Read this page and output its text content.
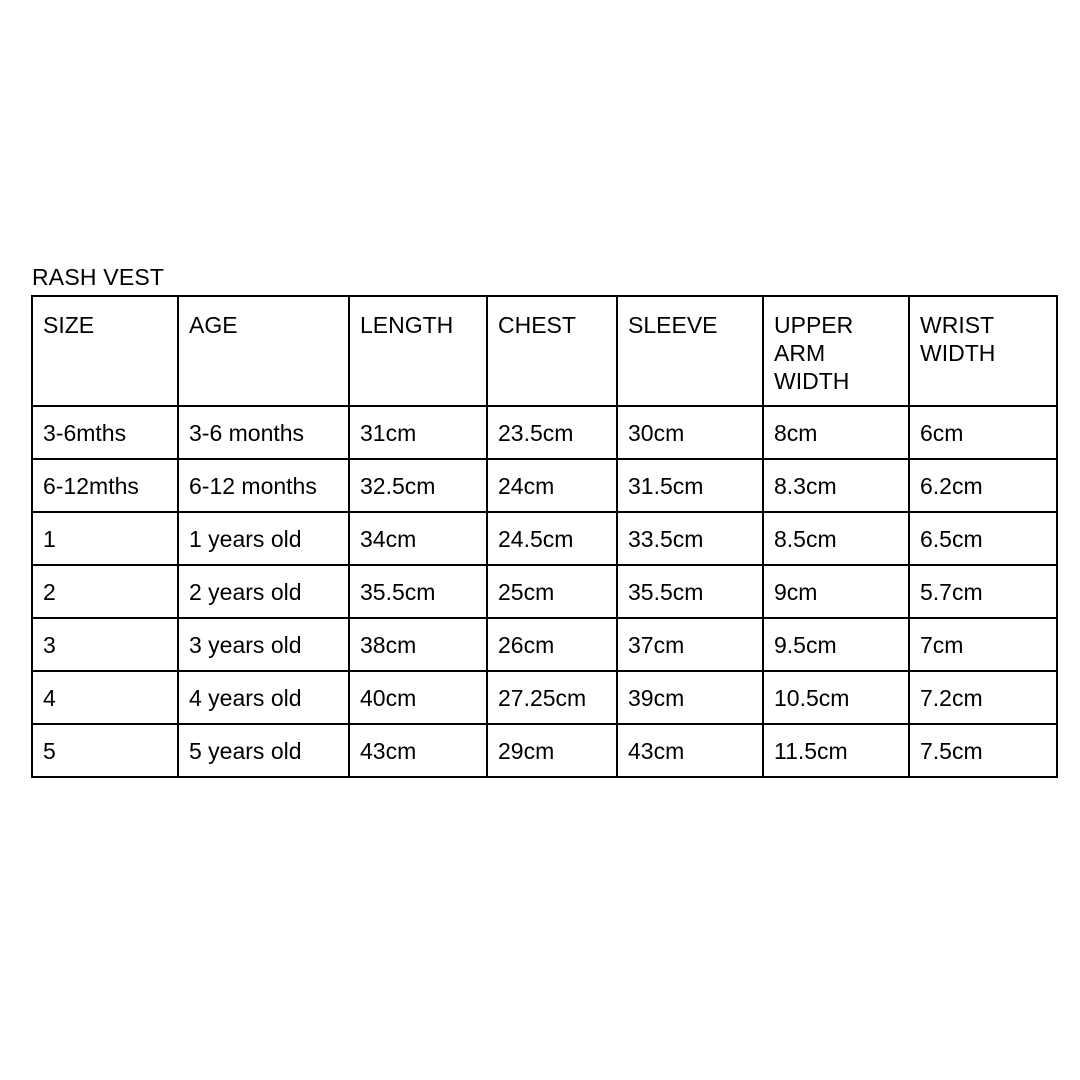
RASH VEST
SIZE	AGE	LENGTH	CHEST	SLEEVE	UPPER ARM WIDTH	WRIST WIDTH

3-6mths	3-6 months	31cm	23.5cm	30cm	8cm	6cm
6-12mths	6-12 months	32.5cm	24cm	31.5cm	8.3cm	6.2cm
1	1 years old	34cm	24.5cm	33.5cm	8.5cm	6.5cm
2	2 years old	35.5cm	25cm	35.5cm	9cm	5.7cm
3	3 years old	38cm	26cm	37cm	9.5cm	7cm
4	4 years old	40cm	27.25cm	39cm	10.5cm	7.2cm
5	5 years old	43cm	29cm	43cm	11.5cm	7.5cm
